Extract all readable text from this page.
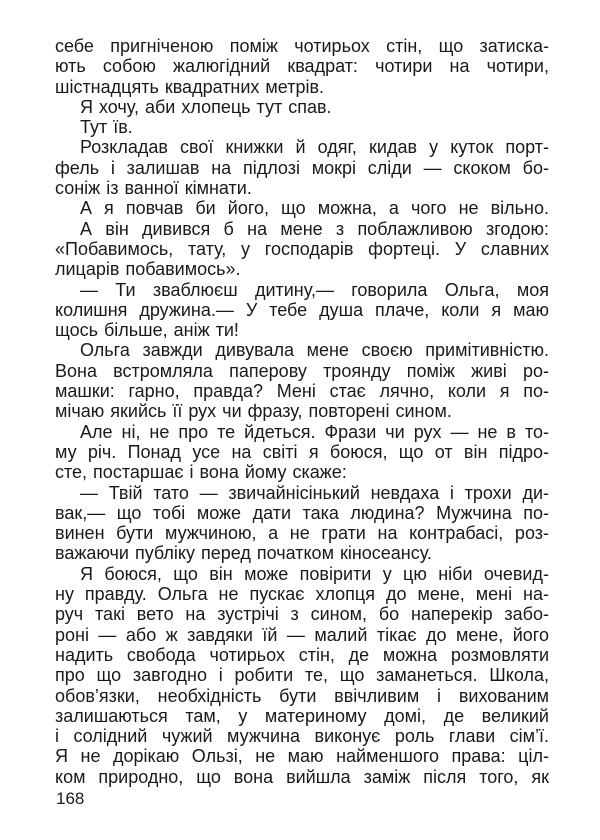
себе пригніченою поміж чотирьох стін, що затиска-
ють собою жалюгідний квадрат: чотири на чотири,
шістнадцять квадратних метрів.
Я хочу, аби хлопець тут спав.
Тут їв.
Розкладав свої книжки й одяг, кидав у куток порт-
фель і залишав на підлозі мокрі сліди — скоком бо-
соніж із ванної кімнати.
А я повчав би його, що можна, а чого не вільно.
А він дивився б на мене з поблажливою згодою:
«Побавимось, тату, у господарів фортеці. У славних
лицарів побавимось».
— Ти зваблюєш дитину,— говорила Ольга, моя
колишня дружина.— У тебе душа плаче, коли я маю
щось більше, аніж ти!
Ольга завжди дивувала мене своєю примітивністю.
Вона встромляла паперову троянду поміж живі ро-
машки: гарно, правда? Мені стає лячно, коли я по-
мічаю якийсь її рух чи фразу, повторені сином.
Але ні, не про те йдеться. Фрази чи рух — не в то-
му річ. Понад усе на світі я боюся, що от він підро-
сте, постаршає і вона йому скаже:
— Твій тато — звичайнісінький невдаха і трохи ди-
вак,— що тобі може дати така людина? Мужчина по-
винен бути мужчиною, а не грати на контрабасі, роз-
важаючи публіку перед початком кіносеансу.
Я боюся, що він може повірити у цю ніби очевид-
ну правду. Ольга не пускає хлопця до мене, мені на-
руч такі вето на зустрічі з сином, бо наперекір забо-
роні — або ж завдяки їй — малий тікає до мене, його
надить свобода чотирьох стін, де можна розмовляти
про що завгодно і робити те, що заманеться. Школа,
обов’язки, необхідність бути ввічливим і вихованим
залишаються там, у материному домі, де великий
і солідний чужий мужчина виконує роль глави сім’ї.
Я не дорікаю Ользі, не маю найменшого права: ціл-
ком природно, що вона вийшла заміж після того, як
168
